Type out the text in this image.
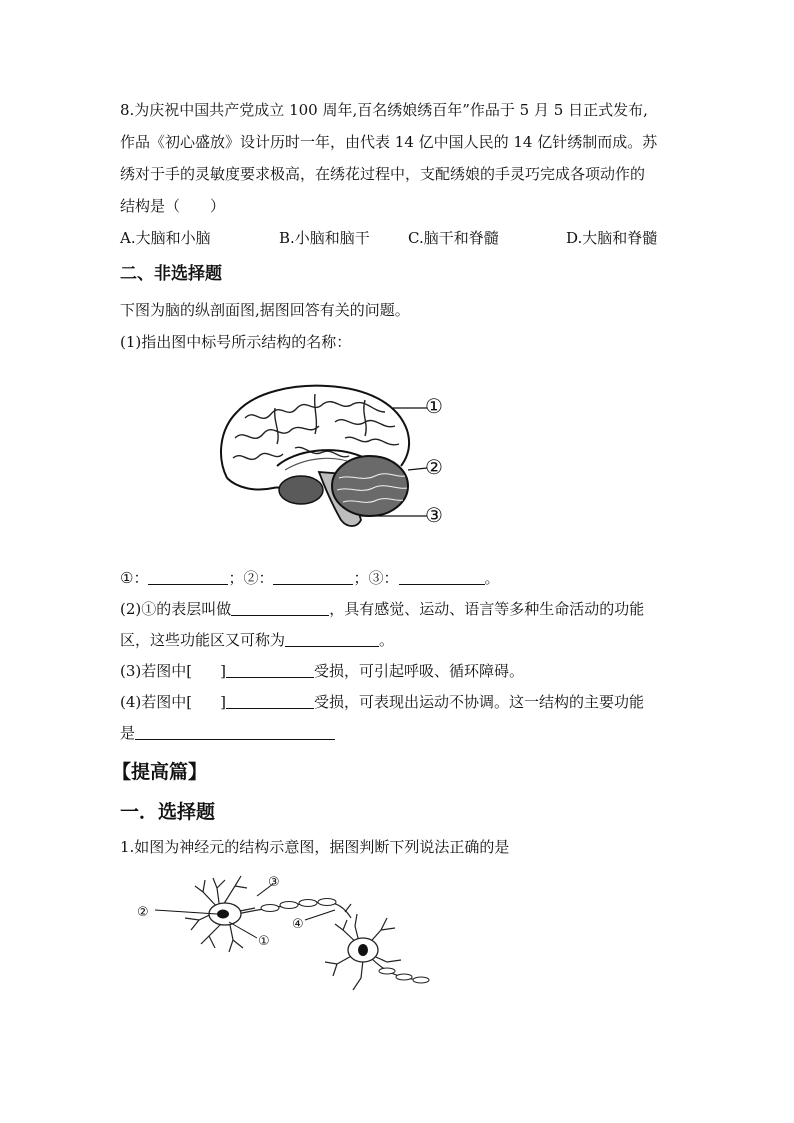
8.为庆祝中国共产党成立 100 周年,百名绣娘绣百年”作品于 5 月 5 日正式发布,
作品《初心盛放》设计历时一年，由代表 14 亿中国人民的 14 亿针绣制而成。苏
绣对于手的灵敏度要求极高，在绣花过程中，支配绣娘的手灵巧完成各项动作的
结构是（　　）
A.大脑和小脑	B.小脑和脑干	C.脑干和脊髓	D.大脑和脊髓
二、非选择题
下图为脑的纵剖面图,据图回答有关的问题。
(1)指出图中标号所示结构的名称：
①
②
③
①：	；②：	；③：	。
(2)①的表层叫做	，具有感觉、运动、语言等多种生命活动的功能
区，这些功能区又可称为	。
(3)若图中[ ]	受损，可引起呼吸、循环障碍。
(4)若图中[ ]	受损，可表现出运动不协调。这一结构的主要功能
是
【提高篇】
一．选择题
1.如图为神经元的结构示意图，据图判断下列说法正确的是
②
①
③
④
